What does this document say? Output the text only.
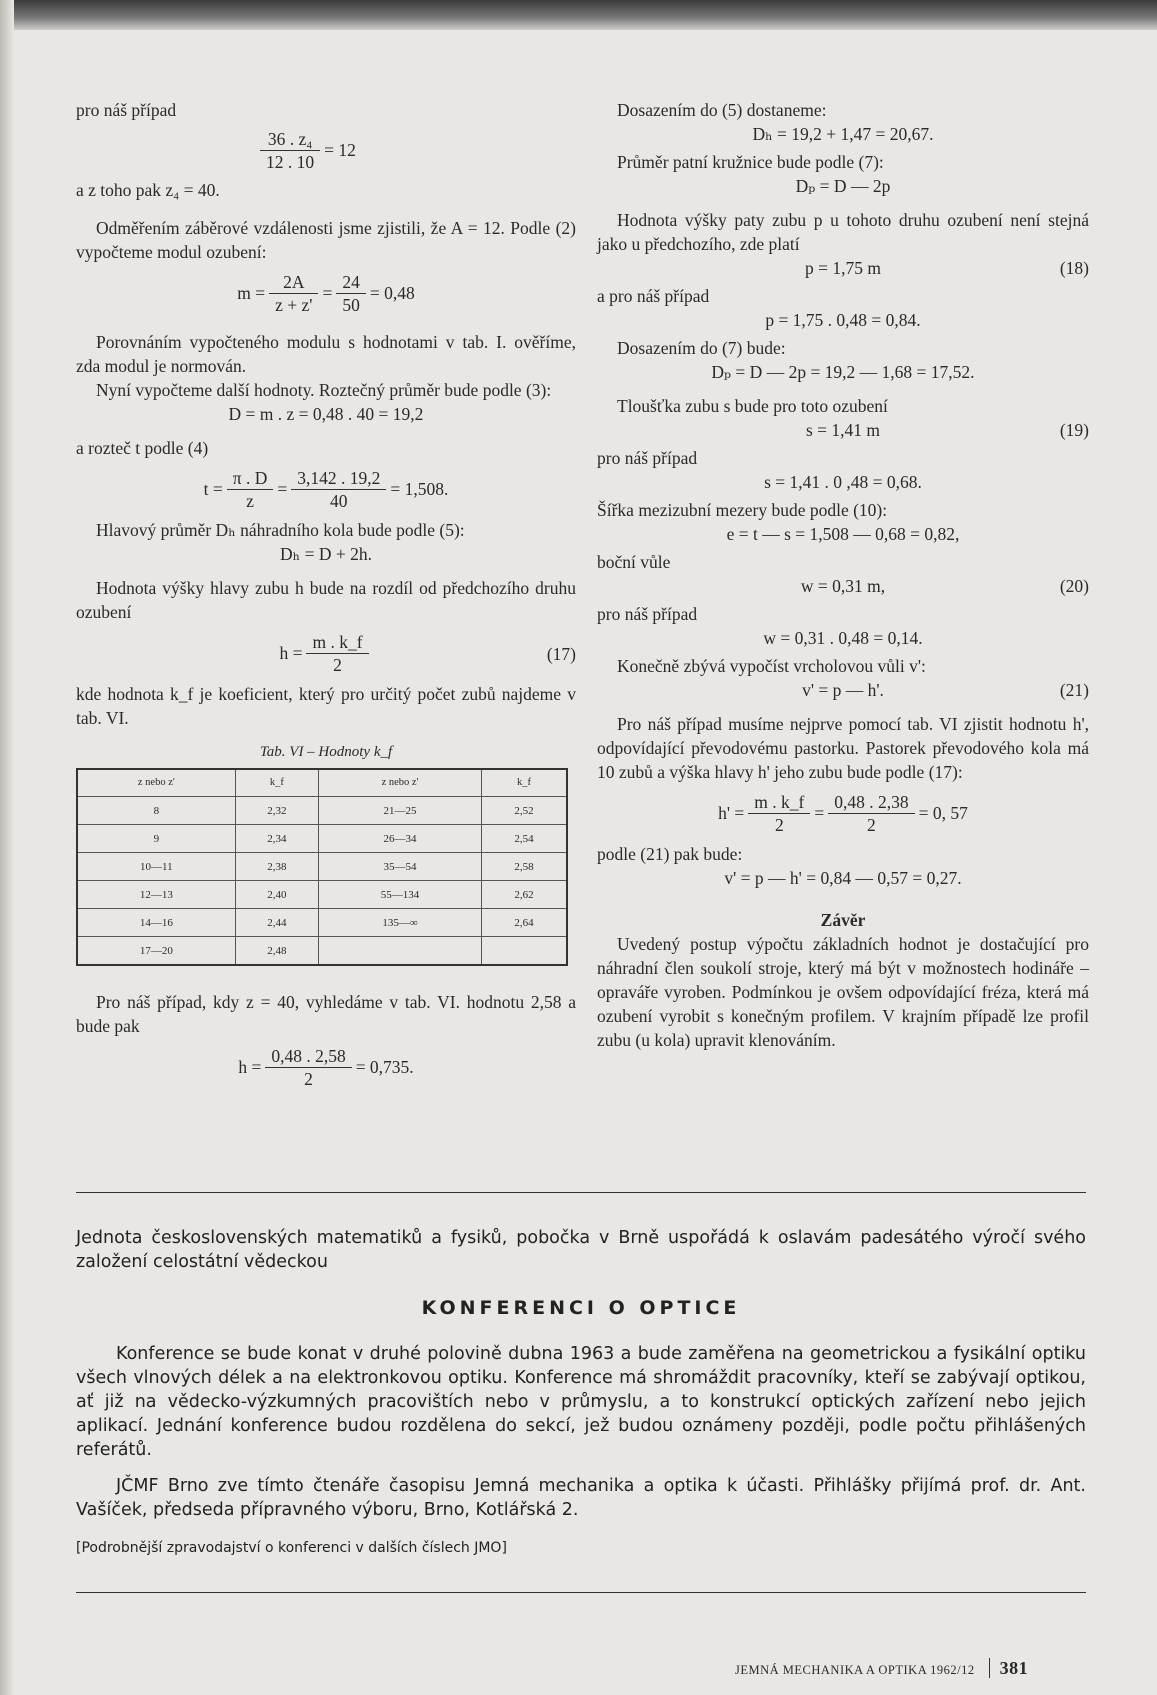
pro náš případ

$\frac{\text{36 . z₄}}{12 . 10} = 12$

a z toho pak z₄ = 40.

Odměřením záběrové vzdálenosti jsme zjistili, že A = 12. Podle (2) vypočteme modul ozubení:

$m = \frac{2A}{z + z'} = \frac{24}{50} = 0,48$

Porovnáním vypočteného modulu s hodnotami v tab. I. ověříme, zda modul je normován.

Nyní vypočteme další hodnoty. Roztečný průměr bude podle (3):

D = m . z = 0,48 . 40 = 19,2

a rozteč t podle (4)

$t = \frac{\pi . D}{z} = \frac{3,142 . 19,2}{40} = 1,508$.

Hlavový průměr Dₕ náhradního kola bude podle (5):

Dₕ = D + 2h.

Hodnota výšky hlavy zubu h bude na rozdíl od předchozího druhu ozubení

$h = \frac{m . k\_f}{2}$	(17)

kde hodnota k_f je koeficient, který pro určitý počet zubů najdeme v tab. VI.

Tab. VI – Hodnoty k_f
z nebo z'	k_f	z nebo z'	k_f
8	2,32	21—25	2,52
9	2,34	26—34	2,54
10—11	2,38	35—54	2,58
12—13	2,40	55—134	2,62
14—16	2,44	135—∞	2,64
17—20	2,48		

Pro náš případ, kdy z = 40, vyhledáme v tab. VI. hodnotu 2,58 a bude pak

$h = \frac{0,48 . 2,58}{2} = 0,735$.

Dosazením do (5) dostaneme:

Dₕ = 19,2 + 1,47 = 20,67.

Průměr patní kružnice bude podle (7):

Dₚ = D — 2p

Hodnota výšky paty zubu p u tohoto druhu ozubení není stejná jako u předchozího, zde platí

p = 1,75 m	(18)

a pro náš případ

p = 1,75 . 0,48 = 0,84.

Dosazením do (7) bude:

Dₚ = D — 2p = 19,2 — 1,68 = 17,52.

Tloušťka zubu s bude pro toto ozubení

s = 1,41 m	(19)

pro náš případ

s = 1,41 . 0 ,48 = 0,68.

Šířka mezizubní mezery bude podle (10):

e = t — s = 1,508 — 0,68 = 0,82,

boční vůle

w = 0,31 m,	(20)

pro náš případ

w = 0,31 . 0,48 = 0,14.

Konečně zbývá vypočíst vrcholovou vůli v':

v' = p — h'.	(21)

Pro náš případ musíme nejprve pomocí tab. VI zjistit hodnotu h', odpovídající převodovému pastorku. Pastorek převodového kola má 10 zubů a výška hlavy h' jeho zubu bude podle (17):

$h' = \frac{m . k\_f}{2} = \frac{0,48 . 2,38}{2} = 0$, 57

podle (21) pak bude:

v' = p — h' = 0,84 — 0,57 = 0,27.

Závěr

Uvedený postup výpočtu základních hodnot je dostačující pro náhradní člen soukolí stroje, který má být v možnostech hodináře – opraváře vyroben. Podmínkou je ovšem odpovídající fréza, která má ozubení vyrobit s konečným profilem. V krajním případě lze profil zubu (u kola) upravit klenováním.

Jednota československých matematiků a fysiků, pobočka v Brně uspořádá k oslavám padesátého výročí svého založení celostátní vědeckou

KONFERENCI O OPTICE

Konference se bude konat v druhé polovině dubna 1963 a bude zaměřena na geometrickou a fysikální optiku všech vlnových délek a na elektronkovou optiku. Konference má shromáždit pracovníky, kteří se zabývají optikou, ať již na vědecko-výzkumných pracovištích nebo v průmyslu, a to konstrukcí optických zařízení nebo jejich aplikací. Jednání konference budou rozdělena do sekcí, jež budou oznámeny později, podle počtu přihlášených referátů.

JČMF Brno zve tímto čtenáře časopisu Jemná mechanika a optika k účasti. Přihlášky přijímá prof. dr. Ant. Vašíček, předseda přípravného výboru, Brno, Kotlářská 2.

[Podrobnější zpravodajství o konferenci v dalších číslech JMO]

JEMNÁ MECHANIKA A OPTIKA 1962/12 381
